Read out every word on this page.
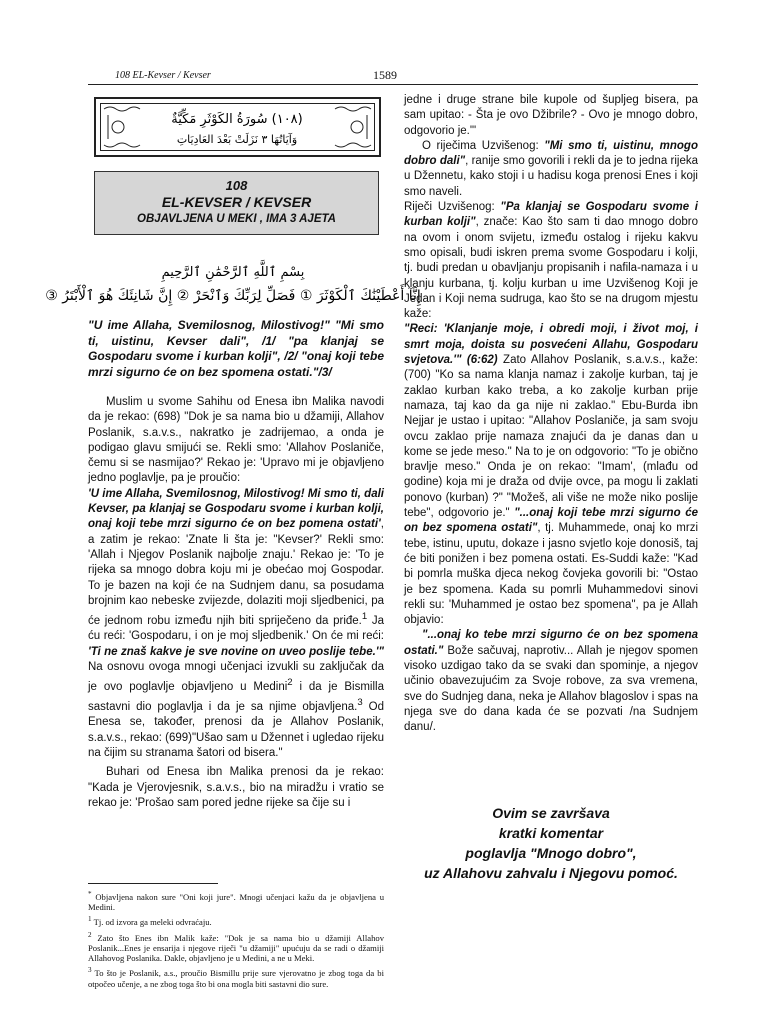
108 EL-Kevser / Kevser	1589
(١٠٨) سُورَةُ الكَوْثَرِ مَكِّيَّةٌ
وَآيَاتُهَا ٣ نَزَلَتْ بَعْدَ العَادِيَاتِ
108
EL-KEVSER / KEVSER
OBJAVLJENA U MEKI , IMA 3 AJETA
بِسْمِ ٱللَّهِ ٱلرَّحْمَٰنِ ٱلرَّحِيمِ
إِنَّآ أَعْطَيْنَٰكَ ٱلْكَوْثَرَ ① فَصَلِّ لِرَبِّكَ وَٱنْحَرْ ② إِنَّ شَانِئَكَ هُوَ ٱلْأَبْتَرُ ③

"U ime Allaha, Svemilosnog, Milostivog!" "Mi smo ti, uistinu, Kevser dali", /1/ "pa klanjaj se Gospodaru svome i kurban kolji", /2/ "onaj koji tebe mrzi sigurno će on bez spomena ostati."/3/

Muslim u svome Sahihu od Enesa ibn Malika navodi da je rekao: (698) "Dok je sa nama bio u džamiji, Allahov Poslanik, s.a.v.s., nakratko je zadrijemao, a onda je podigao glavu smijući se. Rekli smo: 'Allahov Poslaniče, čemu si se nasmijao?' Rekao je: 'Upravo mi je objavljeno jedno poglavlje, pa je proučio:

'U ime Allaha, Svemilosnog, Milostivog! Mi smo ti, dali Kevser, pa klanjaj se Gospodaru svome i kurban kolji, onaj koji tebe mrzi sigurno će on bez pomena ostati', a zatim je rekao: 'Znate li šta je: "Kevser?' Rekli smo: 'Allah i Njegov Poslanik najbolje znaju.' Rekao je: 'To je rijeka sa mnogo dobra koju mi je obećao moj Gospodar. To je bazen na koji će na Sudnjem danu, sa posudama brojnim kao nebeske zvijezde, dolaziti moji sljedbenici, pa će jednom robu između njih biti spriječeno da priđe.$^1$ Ja ću reći: 'Gospodaru, i on je moj sljedbenik.' On će mi reći: 'Ti ne znaš kakve je sve novine on uveo poslije tebe.'" Na osnovu ovoga mnogi učenjaci izvukli su zaključak da je ovo poglavlje objavljeno u Medini$^2$ i da je Bismilla sastavni dio poglavlja i da je sa njime objavljena.$^3$ Od Enesa se, također, prenosi da je Allahov Poslanik, s.a.v.s., rekao: (699)"Ušao sam u Džennet i ugledao rijeku na čijim su stranama šatori od bisera."

Buhari od Enesa ibn Malika prenosi da je rekao: "Kada je Vjerovjesnik, s.a.v.s., bio na miradžu i vratio se rekao je: 'Prošao sam pored jedne rijeke sa čije su i

jedne i druge strane bile kupole od šupljeg bisera, pa sam upitao: - Šta je ovo Džibrile? - Ovo je mnogo dobro, odgovorio je.'"

O riječima Uzvišenog: "Mi smo ti, uistinu, mnogo dobro dali", ranije smo govorili i rekli da je to jedna rijeka u Džennetu, kako stoji i u hadisu koga prenosi Enes i koji smo naveli.

Riječi Uzvišenog: "Pa klanjaj se Gospodaru svome i kurban kolji", znače: Kao što sam ti dao mnogo dobro na ovom i onom svijetu, između ostalog i rijeku kakvu smo opisali, budi iskren prema svome Gospodaru i kolji, tj. budi predan u obavljanju propisanih i nafila-namaza i u klanju kurbana, tj. kolju kurban u ime Uzvišenog Koji je Jedan i Koji nema sudruga, kao što se na drugom mjestu kaže:

"Reci: 'Klanjanje moje, i obredi moji, i život moj, i smrt moja, doista su posvećeni Allahu, Gospodaru svjetova.'" (6:62) Zato Allahov Poslanik, s.a.v.s., kaže: (700) "Ko sa nama klanja namaz i zakolje kurban, taj je zaklao kurban kako treba, a ko zakolje kurban prije namaza, taj kao da ga nije ni zaklao." Ebu-Burda ibn Nejjar je ustao i upitao: "Allahov Poslaniče, ja sam svoju ovcu zaklao prije namaza znajući da je danas dan u kome se jede meso." Na to je on odgovorio: "To je obično bravlje meso." Onda je on rekao: "Imam', (mlađu od godine) koja mi je draža od dvije ovce, pa mogu li zaklati ponovo (kurban) ?" "Možeš, ali više ne može niko poslije tebe", odgovorio je." "...onaj koji tebe mrzi sigurno će on bez spomena ostati", tj. Muhammede, onaj ko mrzi tebe, istinu, uputu, dokaze i jasno svjetlo koje donosiš, taj će biti ponižen i bez pomena ostati. Es-Suddi kaže: "Kad bi pomrla muška djeca nekog čovjeka govorili bi: "Ostao je bez spomena. Kada su pomrli Muhammedovi sinovi rekli su: 'Muhammed je ostao bez spomena", pa je Allah objavio:

"...onaj ko tebe mrzi sigurno će on bez spomena ostati." Bože sačuvaj, naprotiv... Allah je njegov spomen visoko uzdigao tako da se svaki dan spominje, a njegov učinio obavezujućim za Svoje robove, za sva vremena, sve do Sudnjeg dana, neka je Allahov blagoslov i spas na njega sve do dana kada će se pozvati /na Sudnjem danu/.

Ovim se završava
kratki komentar
poglavlja "Mnogo dobro",
uz Allahovu zahvalu i Njegovu pomoć.

* Objavljena nakon sure "Oni koji jure". Mnogi učenjaci kažu da je objavljena u Medini.

$^1$ Tj. od izvora ga meleki odvraćaju.

$^2$ Zato što Enes ibn Malik kaže: "Dok je sa nama bio u džamiji Allahov Poslanik...Enes je ensarija i njegove riječi "u džamiji" upućuju da se radi o džamiji Allahovog Poslanika. Dakle, objavljeno je u Medini, a ne u Meki.

$^3$ To što je Poslanik, a.s., proučio Bismillu prije sure vjerovatno je zbog toga da bi otpočeo učenje, a ne zbog toga što bi ona mogla biti sastavni dio sure.
